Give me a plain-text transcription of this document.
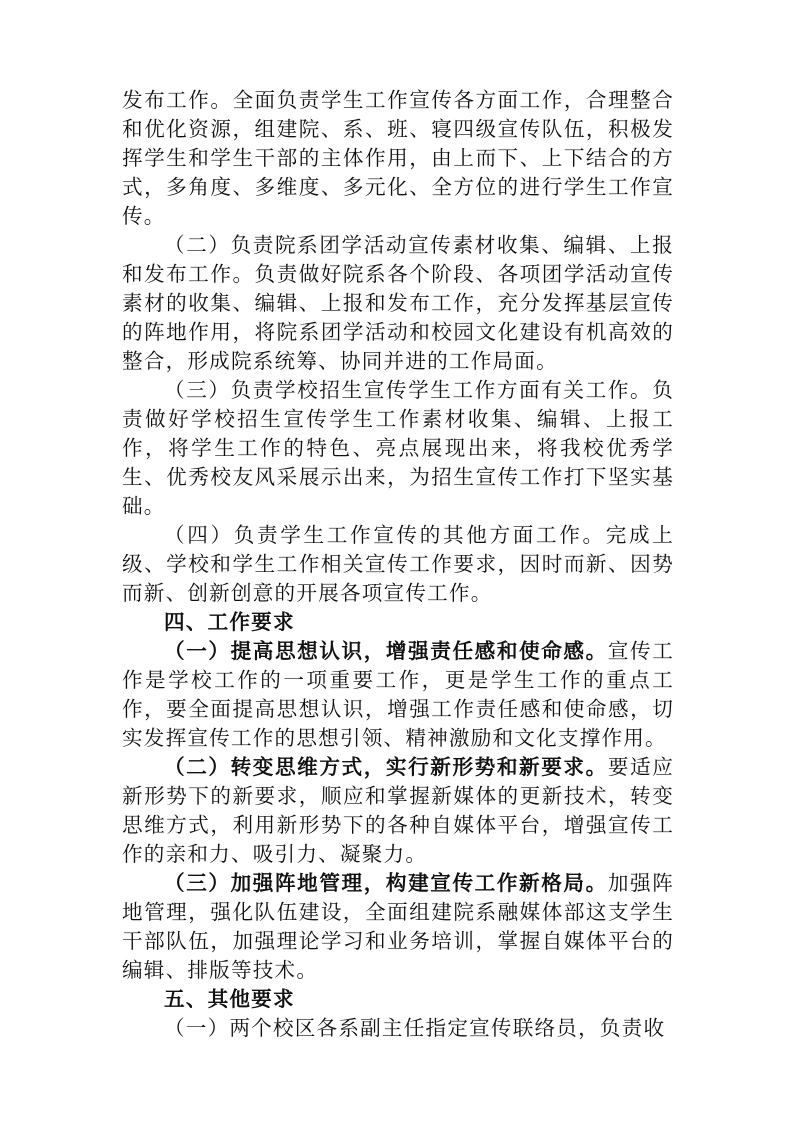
发布工作。全面负责学生工作宣传各方面工作，合理整合和优化资源，组建院、系、班、寝四级宣传队伍，积极发挥学生和学生干部的主体作用，由上而下、上下结合的方式，多角度、多维度、多元化、全方位的进行学生工作宣传。

（二）负责院系团学活动宣传素材收集、编辑、上报和发布工作。负责做好院系各个阶段、各项团学活动宣传素材的收集、编辑、上报和发布工作，充分发挥基层宣传的阵地作用，将院系团学活动和校园文化建设有机高效的整合，形成院系统筹、协同并进的工作局面。

（三）负责学校招生宣传学生工作方面有关工作。负责做好学校招生宣传学生工作素材收集、编辑、上报工作，将学生工作的特色、亮点展现出来，将我校优秀学生、优秀校友风采展示出来，为招生宣传工作打下坚实基础。

（四）负责学生工作宣传的其他方面工作。完成上级、学校和学生工作相关宣传工作要求，因时而新、因势而新、创新创意的开展各项宣传工作。

四、工作要求

（一）提高思想认识，增强责任感和使命感。宣传工作是学校工作的一项重要工作，更是学生工作的重点工作，要全面提高思想认识，增强工作责任感和使命感，切实发挥宣传工作的思想引领、精神激励和文化支撑作用。

（二）转变思维方式，实行新形势和新要求。要适应新形势下的新要求，顺应和掌握新媒体的更新技术，转变思维方式，利用新形势下的各种自媒体平台，增强宣传工作的亲和力、吸引力、凝聚力。

（三）加强阵地管理，构建宣传工作新格局。加强阵地管理，强化队伍建设，全面组建院系融媒体部这支学生干部队伍，加强理论学习和业务培训，掌握自媒体平台的编辑、排版等技术。

五、其他要求

（一）两个校区各系副主任指定宣传联络员，负责收
